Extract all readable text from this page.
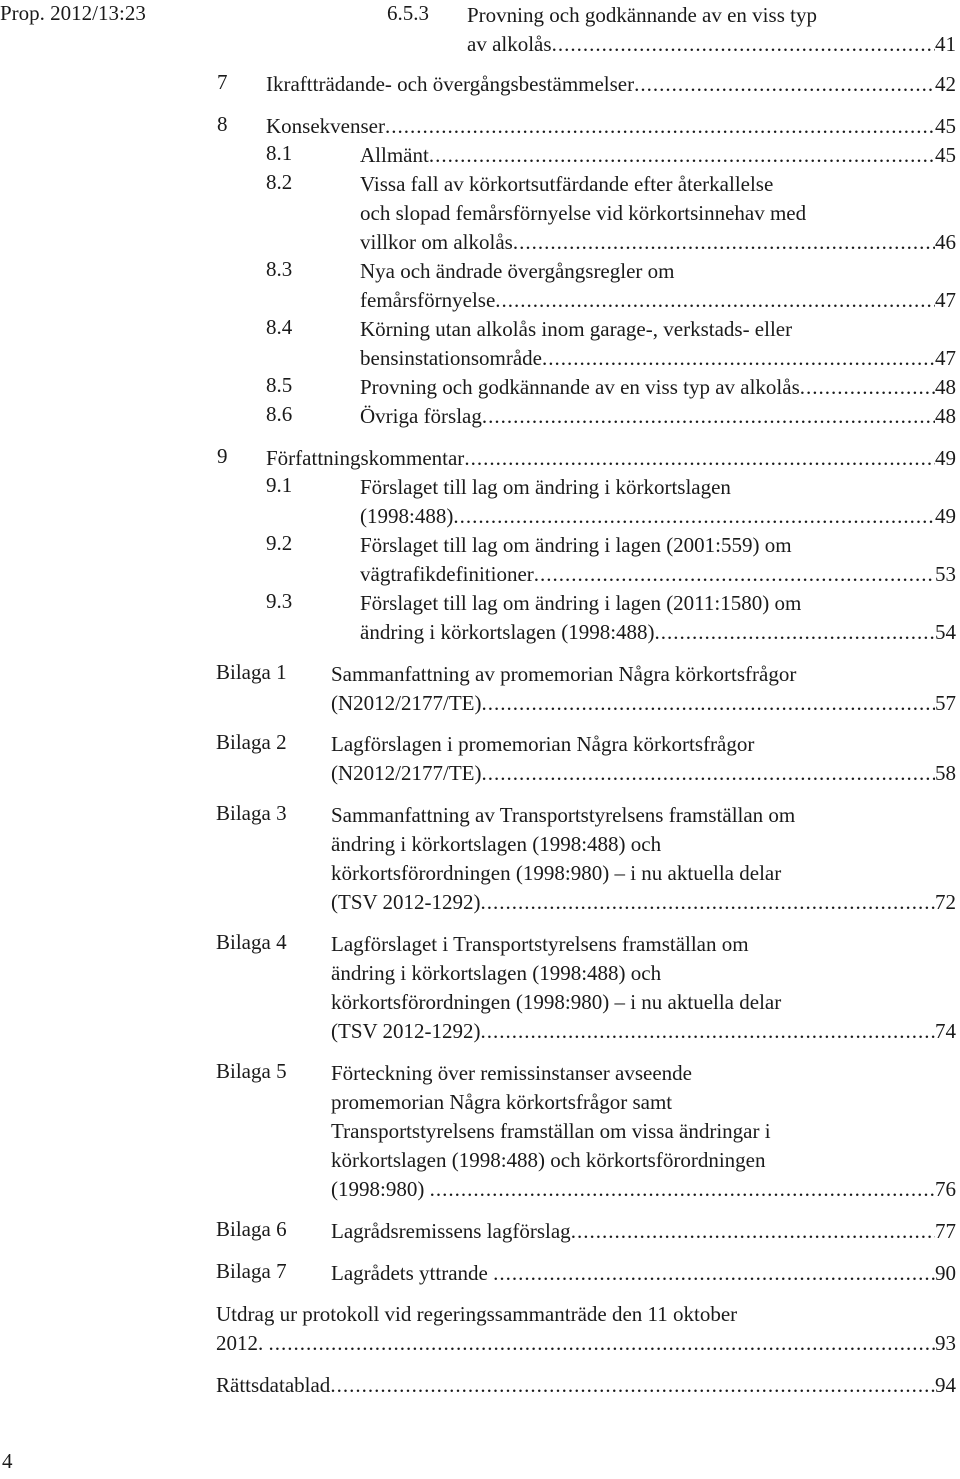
Prop. 2012/13:23	6.5.3 Provning och godkännande av en viss typ
av alkolås .....	41
7 Ikraftträdande- och övergångsbestämmelser .....	42
8 Konsekvenser .....	45
8.1	Allmänt .....	45
8.2	Vissa fall av körkortsutfärdande efter återkallelse
och slopad femårsförnyelse vid körkortsinnehav med
villkor om alkolås .....	46
8.3	Nya och ändrade övergångsregler om
femårsförnyelse .....	47
8.4	Körning utan alkolås inom garage-, verkstads- eller
bensinstationsområde .....	47
8.5	Provning och godkännande av en viss typ av alkolås .....	48
8.6	Övriga förslag .....	48
9 Författningskommentar .....	49
9.1	Förslaget till lag om ändring i körkortslagen
(1998:488) .....	49
9.2	Förslaget till lag om ändring i lagen (2001:559) om
vägtrafikdefinitioner .....	53
9.3	Förslaget till lag om ändring i lagen (2011:1580) om
ändring i körkortslagen (1998:488) .....	54
Bilaga 1 Sammanfattning av promemorian Några körkortsfrågor
(N2012/2177/TE) .....	57
Bilaga 2 Lagförslagen i promemorian Några körkortsfrågor
(N2012/2177/TE) .....	58
Bilaga 3 Sammanfattning av Transportstyrelsens framställan om
ändring i körkortslagen (1998:488) och
körkortsförordningen (1998:980) – i nu aktuella delar
(TSV 2012-1292) .....	72
Bilaga 4 Lagförslaget i Transportstyrelsens framställan om
ändring i körkortslagen (1998:488) och
körkortsförordningen (1998:980) – i nu aktuella delar
(TSV 2012-1292) .....	74
Bilaga 5 Förteckning över remissinstanser avseende
promemorian Några körkortsfrågor samt
Transportstyrelsens framställan om vissa ändringar i
körkortslagen (1998:488) och körkortsförordningen
(1998:980) .....	76
Bilaga 6 Lagrådsremissens lagförslag .....	77
Bilaga 7 Lagrådets yttrande .....	90
Utdrag ur protokoll vid regeringssammanträde den 11 oktober
2012. .....	93
Rättsdatablad .....	94
4
